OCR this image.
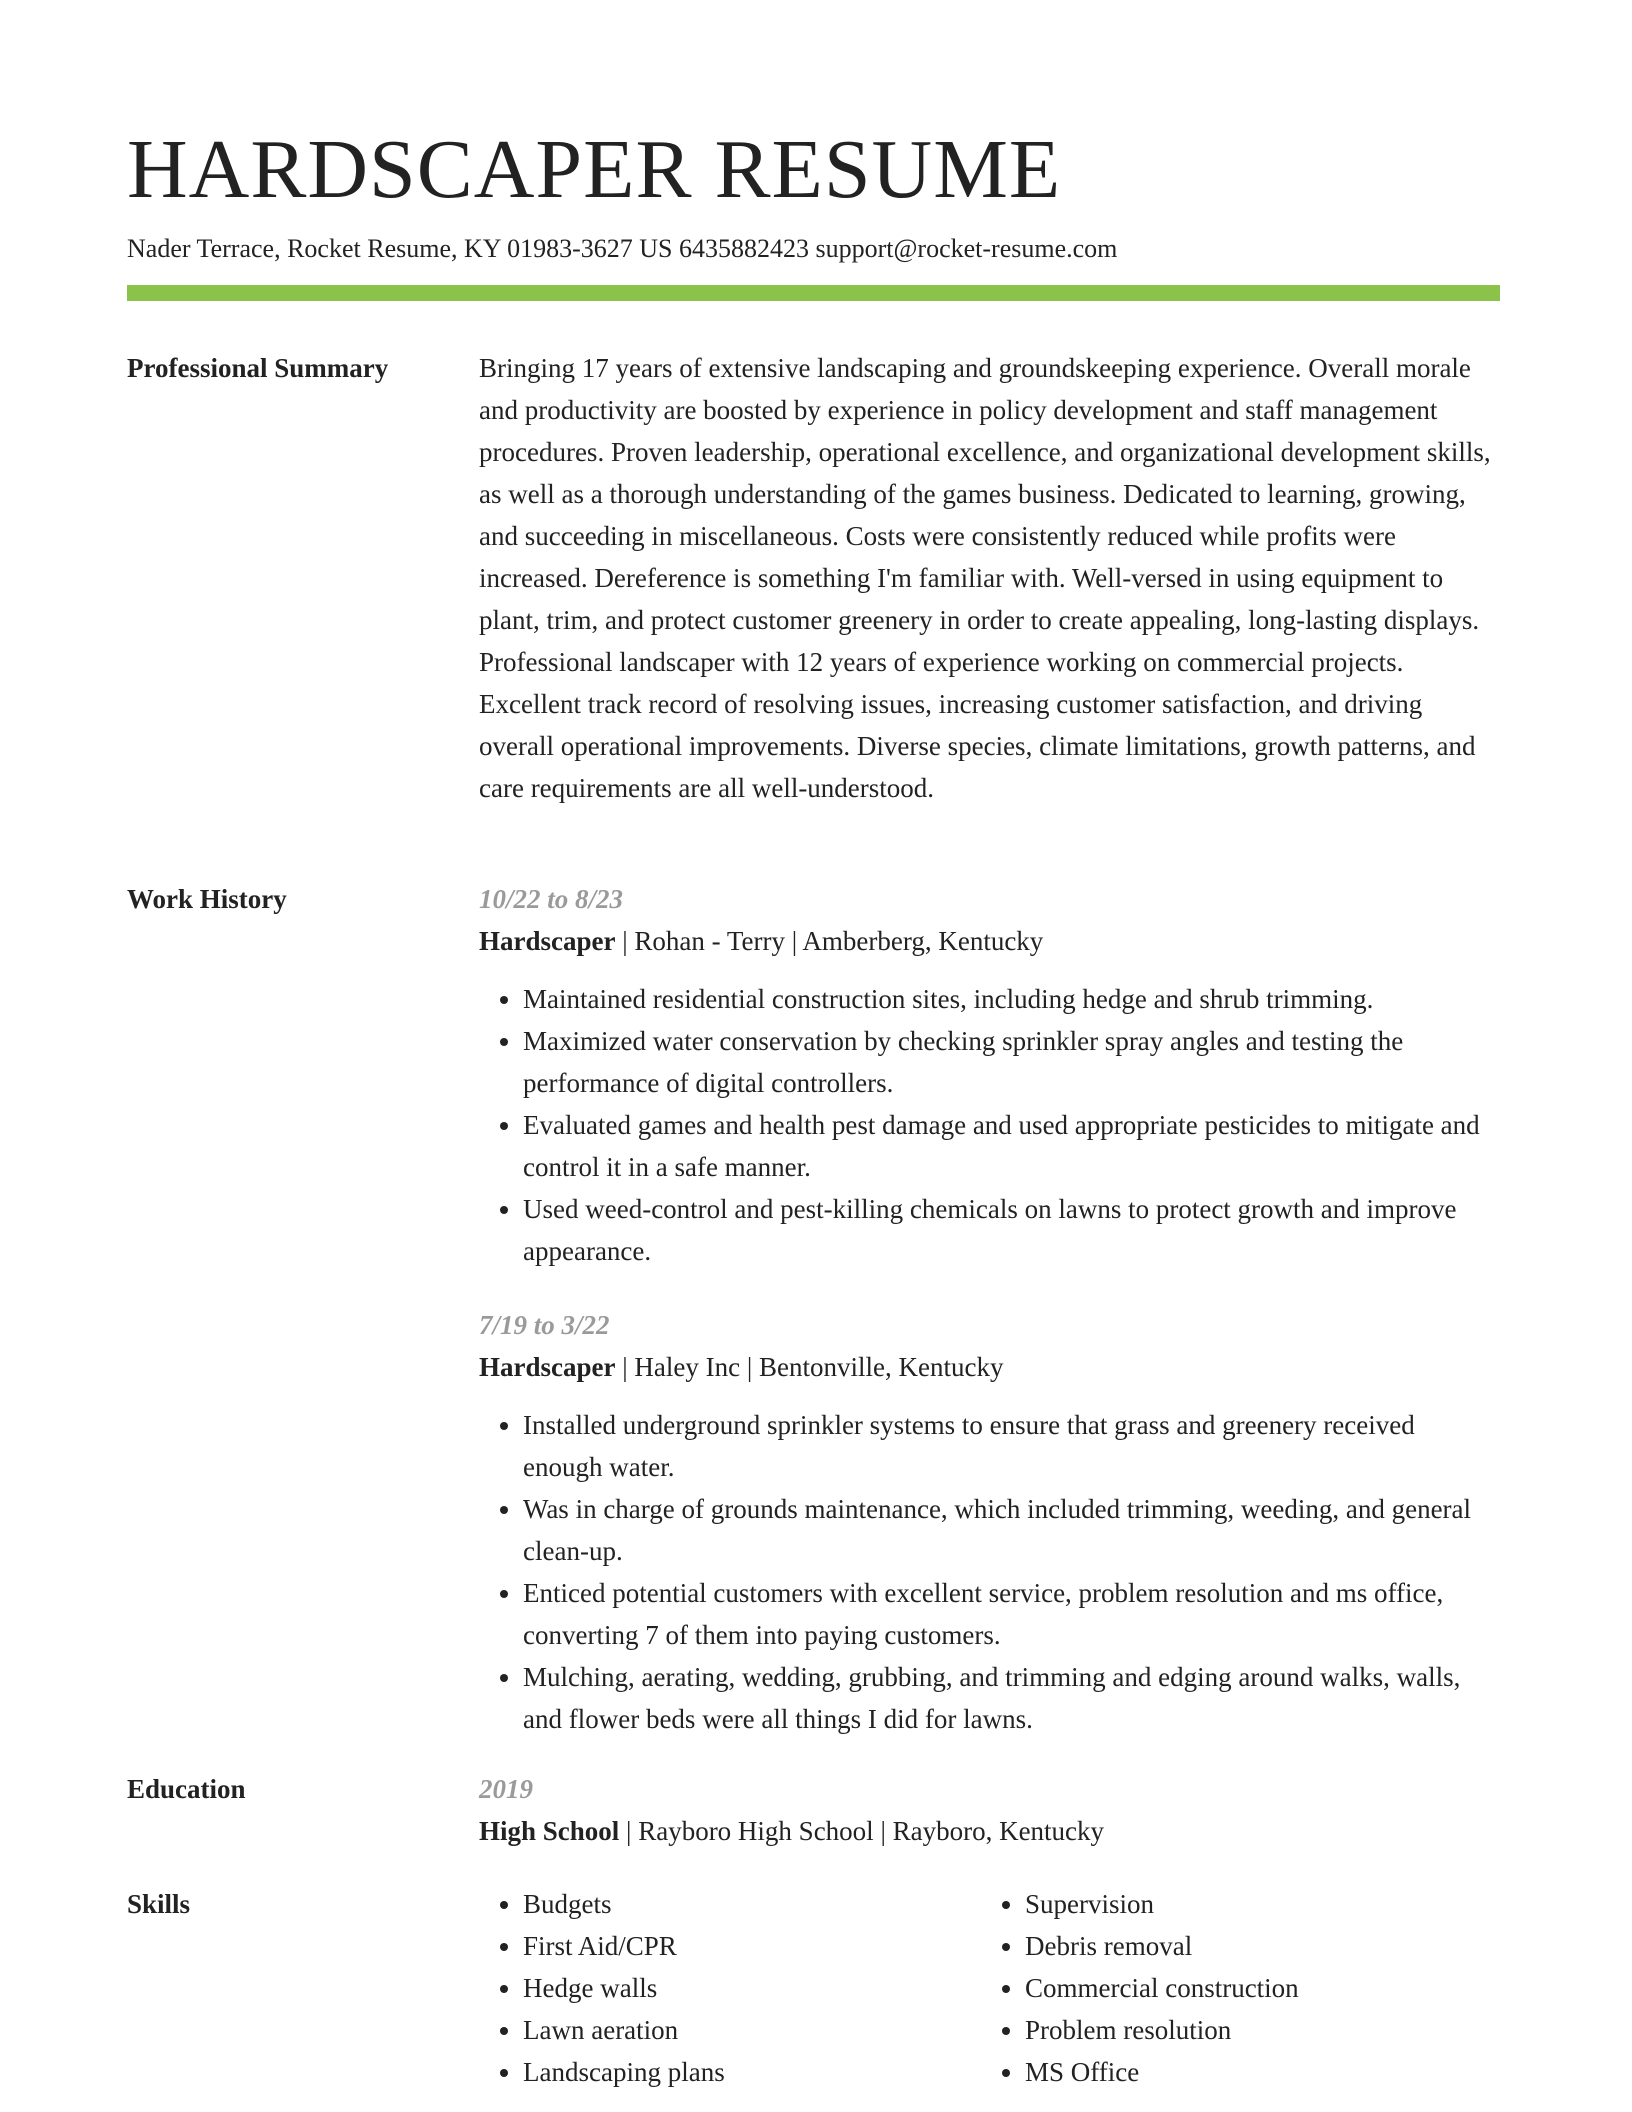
HARDSCAPER RESUME
Nader Terrace, Rocket Resume, KY 01983-3627 US 6435882423 support@rocket-resume.com
Professional Summary	Bringing 17 years of extensive landscaping and groundskeeping experience. Overall morale and productivity are boosted by experience in policy development and staff management procedures. Proven leadership, operational excellence, and organizational development skills, as well as a thorough understanding of the games business. Dedicated to learning, growing, and succeeding in miscellaneous. Costs were consistently reduced while profits were increased. Dereference is something I'm familiar with. Well-versed in using equipment to plant, trim, and protect customer greenery in order to create appealing, long-lasting displays. Professional landscaper with 12 years of experience working on commercial projects. Excellent track record of resolving issues, increasing customer satisfaction, and driving overall operational improvements. Diverse species, climate limitations, growth patterns, and care requirements are all well-understood.

Work History	10/22 to 8/23
Hardscaper | Rohan - Terry | Amberberg, Kentucky
• Maintained residential construction sites, including hedge and shrub trimming.
• Maximized water conservation by checking sprinkler spray angles and testing the performance of digital controllers.
• Evaluated games and health pest damage and used appropriate pesticides to mitigate and control it in a safe manner.
• Used weed-control and pest-killing chemicals on lawns to protect growth and improve appearance.
7/19 to 3/22
Hardscaper | Haley Inc | Bentonville, Kentucky
• Installed underground sprinkler systems to ensure that grass and greenery received enough water.
• Was in charge of grounds maintenance, which included trimming, weeding, and general clean-up.
• Enticed potential customers with excellent service, problem resolution and ms office, converting 7 of them into paying customers.
• Mulching, aerating, wedding, grubbing, and trimming and edging around walks, walls, and flower beds were all things I did for lawns.
Education	2019
High School | Rayboro High School | Rayboro, Kentucky
Skills
•	Budgets
• First Aid/CPR
• Hedge walls
• Lawn aeration
• Landscaping plans
• Supervision
• Debris removal
• Commercial construction
• Problem resolution
• MS Office
